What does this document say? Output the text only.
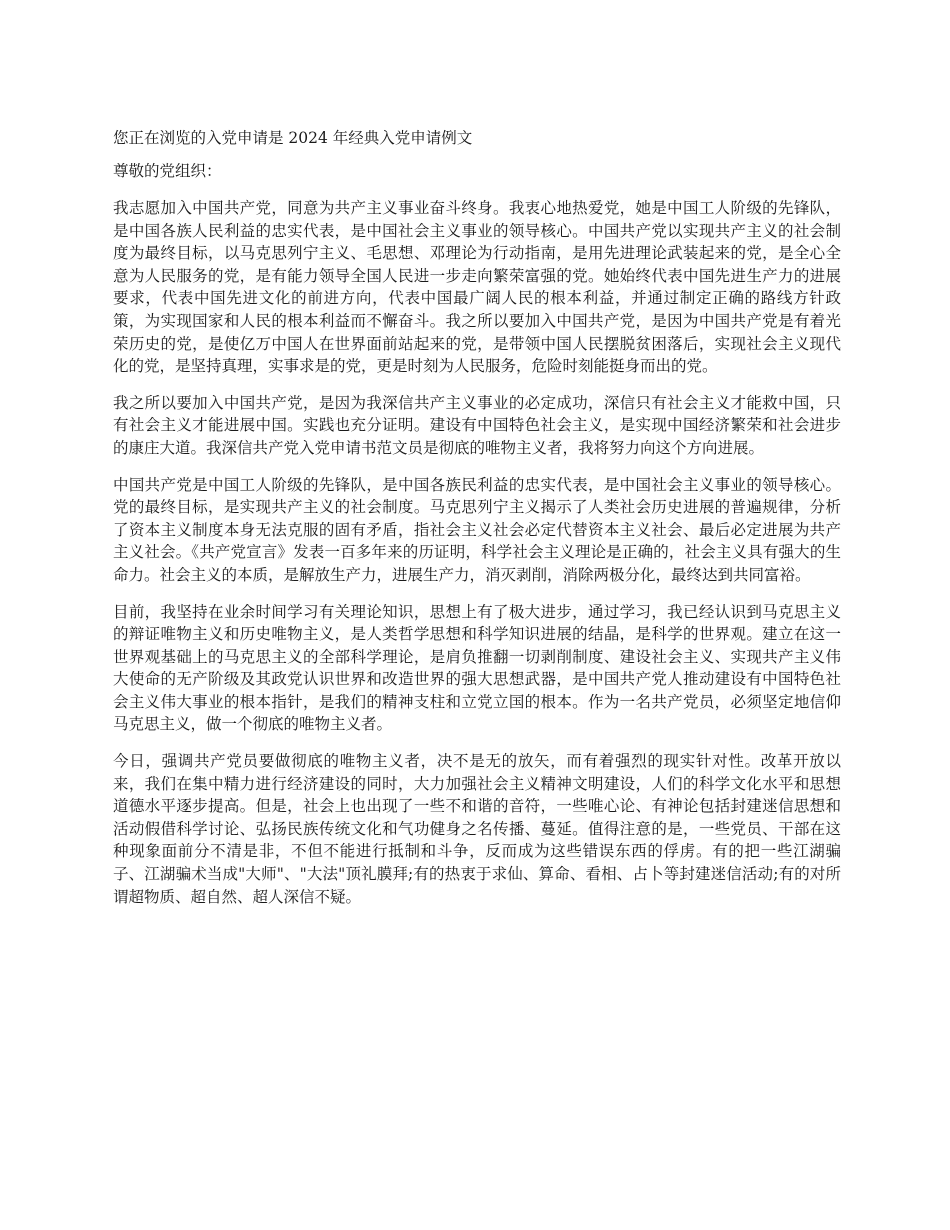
您正在浏览的入党申请是 2024 年经典入党申请例文

尊敬的党组织：

我志愿加入中国共产党，同意为共产主义事业奋斗终身。我衷心地热爱党，她是中国工人阶级的先锋队，是中国各族人民利益的忠实代表，是中国社会主义事业的领导核心。中国共产党以实现共产主义的社会制度为最终目标，以马克思列宁主义、毛思想、邓理论为行动指南，是用先进理论武装起来的党，是全心全意为人民服务的党，是有能力领导全国人民进一步走向繁荣富强的党。她始终代表中国先进生产力的进展要求，代表中国先进文化的前进方向，代表中国最广阔人民的根本利益，并通过制定正确的路线方针政策，为实现国家和人民的根本利益而不懈奋斗。我之所以要加入中国共产党，是因为中国共产党是有着光荣历史的党，是使亿万中国人在世界面前站起来的党，是带领中国人民摆脱贫困落后，实现社会主义现代化的党，是坚持真理，实事求是的党，更是时刻为人民服务，危险时刻能挺身而出的党。

我之所以要加入中国共产党，是因为我深信共产主义事业的必定成功，深信只有社会主义才能救中国，只有社会主义才能进展中国。实践也充分证明。建设有中国特色社会主义，是实现中国经济繁荣和社会进步的康庄大道。我深信共产党入党申请书范文员是彻底的唯物主义者，我将努力向这个方向进展。

中国共产党是中国工人阶级的先锋队，是中国各族民利益的忠实代表，是中国社会主义事业的领导核心。党的最终目标，是实现共产主义的社会制度。马克思列宁主义揭示了人类社会历史进展的普遍规律，分析了资本主义制度本身无法克服的固有矛盾，指社会主义社会必定代替资本主义社会、最后必定进展为共产主义社会。《共产党宣言》发表一百多年来的历证明，科学社会主义理论是正确的，社会主义具有强大的生命力。社会主义的本质，是解放生产力，进展生产力，消灭剥削，消除两极分化，最终达到共同富裕。

目前，我坚持在业余时间学习有关理论知识，思想上有了极大进步，通过学习，我已经认识到马克思主义的辩证唯物主义和历史唯物主义，是人类哲学思想和科学知识进展的结晶，是科学的世界观。建立在这一世界观基础上的马克思主义的全部科学理论，是肩负推翻一切剥削制度、建设社会主义、实现共产主义伟大使命的无产阶级及其政党认识世界和改造世界的强大思想武器，是中国共产党人推动建设有中国特色社会主义伟大事业的根本指针，是我们的精神支柱和立党立国的根本。作为一名共产党员，必须坚定地信仰马克思主义，做一个彻底的唯物主义者。

今日，强调共产党员要做彻底的唯物主义者，决不是无的放矢，而有着强烈的现实针对性。改革开放以来，我们在集中精力进行经济建设的同时，大力加强社会主义精神文明建设，人们的科学文化水平和思想道德水平逐步提高。但是，社会上也出现了一些不和谐的音符，一些唯心论、有神论包括封建迷信思想和活动假借科学讨论、弘扬民族传统文化和气功健身之名传播、蔓延。值得注意的是，一些党员、干部在这种现象面前分不清是非，不但不能进行抵制和斗争，反而成为这些错误东西的俘虏。有的把一些江湖骗子、江湖骗术当成"大师"、"大法"顶礼膜拜;有的热衷于求仙、算命、看相、占卜等封建迷信活动;有的对所谓超物质、超自然、超人深信不疑。
